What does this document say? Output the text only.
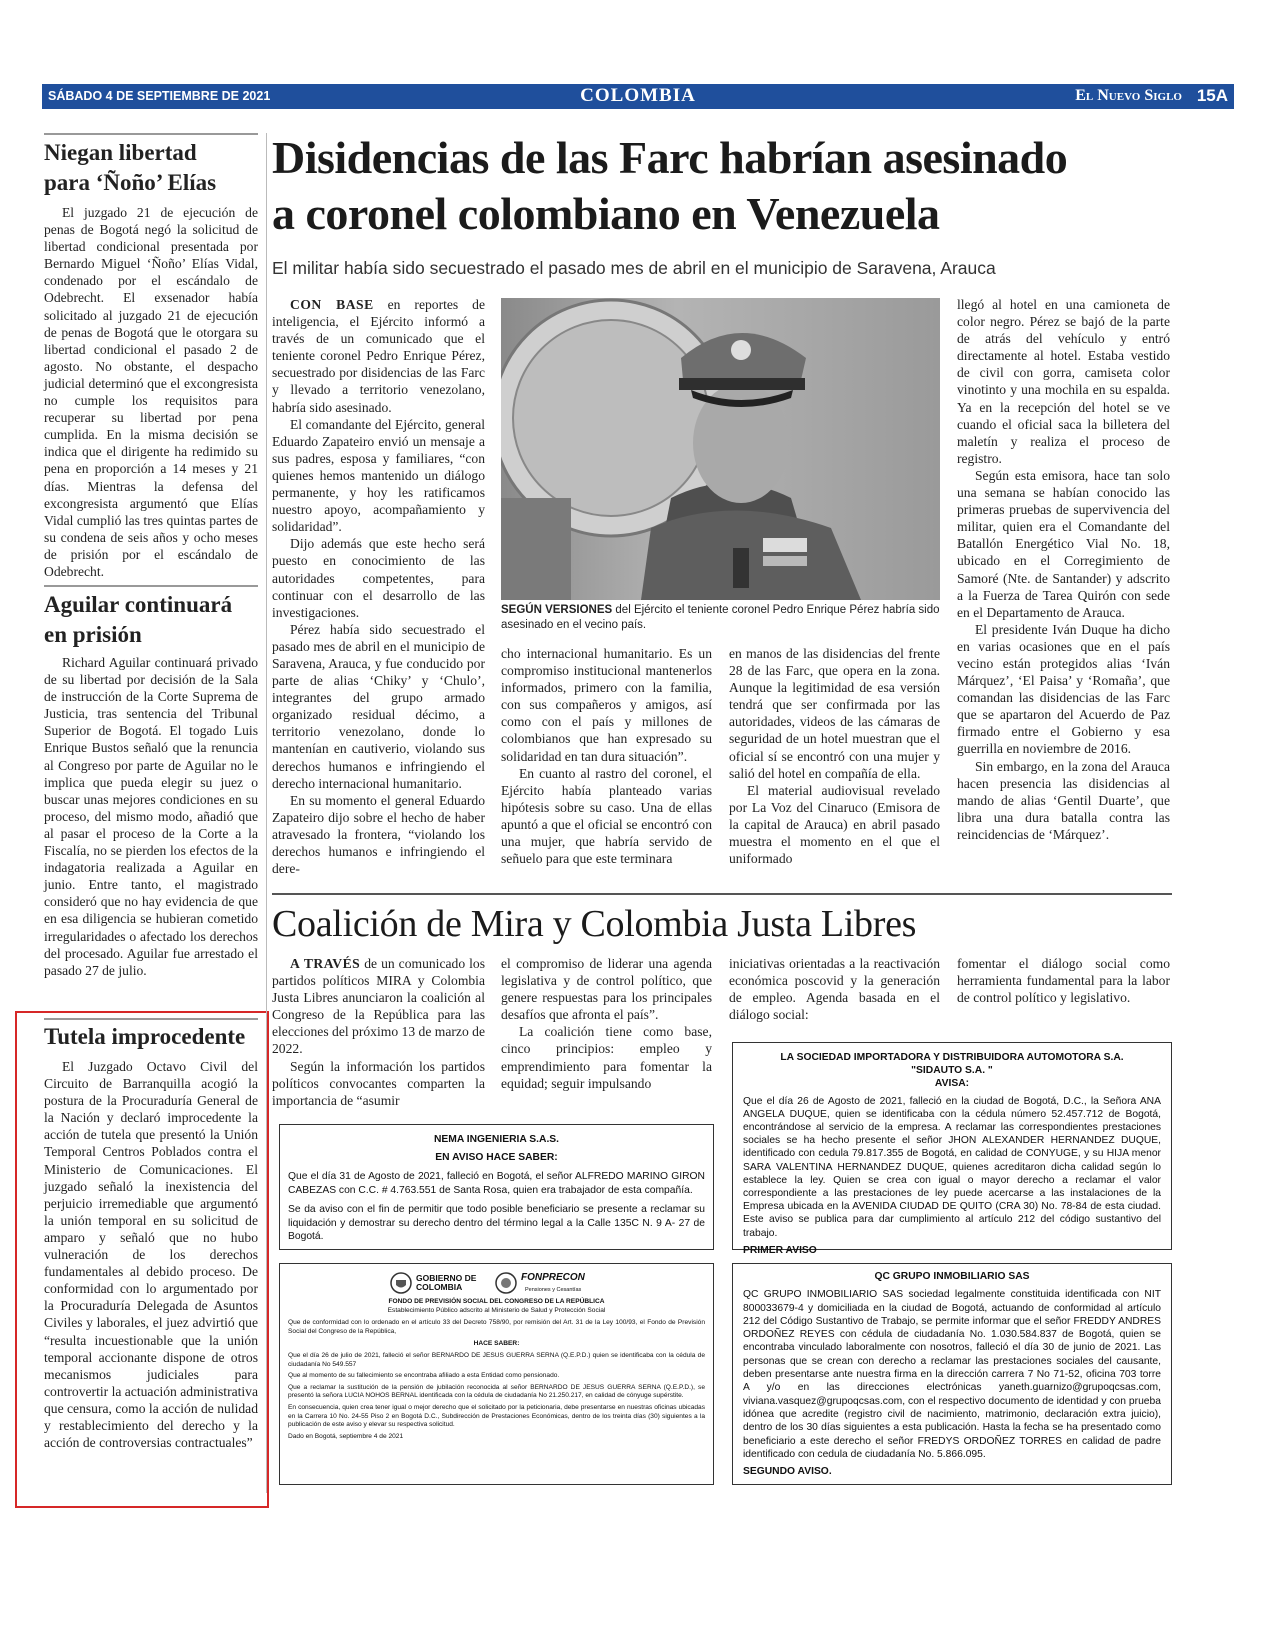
SÁBADO 4 DE SEPTIEMBRE DE 2021	COLOMBIA	El Nuevo Siglo 15A
Niegan libertad
para ‘Ñoño’ Elías

El juzgado 21 de ejecución de penas de Bogotá negó la solicitud de libertad condicional presentada por Bernardo Miguel ‘Ñoño’ Elías Vidal, condenado por el escándalo de Odebrecht. El exsenador había solicitado al juzgado 21 de ejecución de penas de Bogotá que le otorgara su libertad condicional el pasado 2 de agosto. No obstante, el despacho judicial determinó que el excongresista no cumple los requisitos para recuperar su libertad por pena cumplida. En la misma decisión se indica que el dirigente ha redimido su pena en proporción a 14 meses y 21 días. Mientras la defensa del excongresista argumentó que Elías Vidal cumplió las tres quintas partes de su condena de seis años y ocho meses de prisión por el escándalo de Odebrecht.

Aguilar continuará
en prisión

Richard Aguilar continuará privado de su libertad por decisión de la Sala de instrucción de la Corte Suprema de Justicia, tras sentencia del Tribunal Superior de Bogotá. El togado Luis Enrique Bustos señaló que la renuncia al Congreso por parte de Aguilar no le implica que pueda elegir su juez o buscar unas mejores condiciones en su proceso, del mismo modo, añadió que al pasar el proceso de la Corte a la Fiscalía, no se pierden los efectos de la indagatoria realizada a Aguilar en junio. Entre tanto, el magistrado consideró que no hay evidencia de que en esa diligencia se hubieran cometido irregularidades o afectado los derechos del procesado. Aguilar fue arrestado el pasado 27 de julio.

Tutela improcedente

El Juzgado Octavo Civil del Circuito de Barranquilla acogió la postura de la Procuraduría General de la Nación y declaró improcedente la acción de tutela que presentó la Unión Temporal Centros Poblados contra el Ministerio de Comunicaciones. El juzgado señaló la inexistencia del perjuicio irremediable que argumentó la unión temporal en su solicitud de amparo y señaló que no hubo vulneración de los derechos fundamentales al debido proceso. De conformidad con lo argumentado por la Procuraduría Delegada de Asuntos Civiles y laborales, el juez advirtió que “resulta incuestionable que la unión temporal accionante dispone de otros mecanismos judiciales para controvertir la actuación administrativa que censura, como la acción de nulidad y restablecimiento del derecho y la acción de controversias contractuales”

Disidencias de las Farc habrían asesinado
a coronel colombiano en Venezuela
El militar había sido secuestrado el pasado mes de abril en el municipio de Saravena, Arauca

CON BASE en reportes de inteligencia, el Ejército informó a través de un comunicado que el teniente coronel Pedro Enrique Pérez, secuestrado por disidencias de las Farc y llevado a territorio venezolano, habría sido asesinado.

El comandante del Ejército, general Eduardo Zapateiro envió un mensaje a sus padres, esposa y familiares, “con quienes hemos mantenido un diálogo permanente, y hoy les ratificamos nuestro apoyo, acompañamiento y solidaridad”.

Dijo además que este hecho será puesto en conocimiento de las autoridades competentes, para continuar con el desarrollo de las investigaciones.

Pérez había sido secuestrado el pasado mes de abril en el municipio de Saravena, Arauca, y fue conducido por parte de alias ‘Chiky’ y ‘Chulo’, integrantes del grupo armado organizado residual décimo, a territorio venezolano, donde lo mantenían en cautiverio, violando sus derechos humanos e infringiendo el derecho internacional humanitario.

En su momento el general Eduardo Zapateiro dijo sobre el hecho de haber atravesado la frontera, “violando los derechos humanos e infringiendo el dere-

SEGÚN VERSIONES del Ejército el teniente coronel Pedro Enrique Pérez habría sido asesinado en el vecino país.

cho internacional humanitario. Es un compromiso institucional mantenerlos informados, primero con la familia, con sus compañeros y amigos, así como con el país y millones de colombianos que han expresado su solidaridad en tan dura situación”.

En cuanto al rastro del coronel, el Ejército había planteado varias hipótesis sobre su caso. Una de ellas apuntó a que el oficial se encontró con una mujer, que habría servido de señuelo para que este terminara

en manos de las disidencias del frente 28 de las Farc, que opera en la zona. Aunque la legitimidad de esa versión tendrá que ser confirmada por las autoridades, videos de las cámaras de seguridad de un hotel muestran que el oficial sí se encontró con una mujer y salió del hotel en compañía de ella.

El material audiovisual revelado por La Voz del Cinaruco (Emisora de la capital de Arauca) en abril pasado muestra el momento en el que el uniformado

llegó al hotel en una camioneta de color negro. Pérez se bajó de la parte de atrás del vehículo y entró directamente al hotel. Estaba vestido de civil con gorra, camiseta color vinotinto y una mochila en su espalda. Ya en la recepción del hotel se ve cuando el oficial saca la billetera del maletín y realiza el proceso de registro.

Según esta emisora, hace tan solo una semana se habían conocido las primeras pruebas de supervivencia del militar, quien era el Comandante del Batallón Energético Vial No. 18, ubicado en el Corregimiento de Samoré (Nte. de Santander) y adscrito a la Fuerza de Tarea Quirón con sede en el Departamento de Arauca.

El presidente Iván Duque ha dicho en varias ocasiones que en el país vecino están protegidos alias ‘Iván Márquez’, ‘El Paisa’ y ‘Romaña’, que comandan las disidencias de las Farc que se apartaron del Acuerdo de Paz firmado entre el Gobierno y esa guerrilla en noviembre de 2016.

Sin embargo, en la zona del Arauca hacen presencia las disidencias al mando de alias ‘Gentil Duarte’, que libra una dura batalla contra las reincidencias de ‘Márquez’.

Coalición de Mira y Colombia Justa Libres

A TRAVÉS de un comunicado los partidos políticos MIRA y Colombia Justa Libres anunciaron la coalición al Congreso de la República para las elecciones del próximo 13 de marzo de 2022.

Según la información los partidos políticos convocantes comparten la importancia de “asumir

el compromiso de liderar una agenda legislativa y de control político, que genere respuestas para los principales desafíos que afronta el país”.

La coalición tiene como base, cinco principios: empleo y emprendimiento para fomentar la equidad; seguir impulsando

iniciativas orientadas a la reactivación económica poscovid y la generación de empleo. Agenda basada en el diálogo social:

fomentar el diálogo social como herramienta fundamental para la labor de control político y legislativo.

LA SOCIEDAD IMPORTADORA Y DISTRIBUIDORA AUTOMOTORA S.A.
"SIDAUTO S.A. "
AVISA:

Que el día 26 de Agosto de 2021, falleció en la ciudad de Bogotá, D.C., la Señora ANA ANGELA DUQUE, quien se identificaba con la cédula número 52.457.712 de Bogotá, encontrándose al servicio de la empresa. A reclamar las correspondientes prestaciones sociales se ha hecho presente el señor JHON ALEXANDER HERNANDEZ DUQUE, identificado con cedula 79.817.355 de Bogotá, en calidad de CONYUGE, y su HIJA menor SARA VALENTINA HERNANDEZ DUQUE, quienes acreditaron dicha calidad según lo establece la ley. Quien se crea con igual o mayor derecho a reclamar el valor correspondiente a las prestaciones de ley puede acercarse a las instalaciones de la Empresa ubicada en la AVENIDA CIUDAD DE QUITO (CRA 30) No. 78-84 de esta ciudad. Este aviso se publica para dar cumplimiento al artículo 212 del código sustantivo del trabajo.

PRIMER AVISO
NEMA INGENIERIA S.A.S.
EN AVISO HACE SABER:

Que el día 31 de Agosto de 2021, falleció en Bogotá, el señor ALFREDO MARINO GIRON CABEZAS con C.C. # 4.763.551 de Santa Rosa, quien era trabajador de esta compañía.

Se da aviso con el fin de permitir que todo posible beneficiario se presente a reclamar su liquidación y demostrar su derecho dentro del término legal a la Calle 135C N. 9 A- 27 de Bogotá.

GOBIERNO DE COLOMBIA
FONPRECON
Pensiones y Cesantías
FONDO DE PREVISIÓN SOCIAL DEL CONGRESO DE LA REPÚBLICA
Establecimiento Público adscrito al Ministerio de Salud y Protección Social

Que de conformidad con lo ordenado en el artículo 33 del Decreto 758/90, por remisión del Art. 31 de la Ley 100/93, el Fondo de Previsión Social del Congreso de la República,

HACE SABER:

Que el día 26 de julio de 2021, falleció el señor BERNARDO DE JESUS GUERRA SERNA (Q.E.P.D.) quien se identificaba con la cédula de ciudadanía No 549.557

Que al momento de su fallecimiento se encontraba afiliado a esta Entidad como pensionado.

Que a reclamar la sustitución de la pensión de jubilación reconocida al señor BERNARDO DE JESUS GUERRA SERNA (Q.E.P.D.), se presentó la señora LUCIA NOHOS BERNAL identificada con la cédula de ciudadanía No 21.250.217, en calidad de cónyuge supérstite.

En consecuencia, quien crea tener igual o mejor derecho que el solicitado por la peticionaria, debe presentarse en nuestras oficinas ubicadas en la Carrera 10 No. 24-55 Piso 2 en Bogotá D.C., Subdirección de Prestaciones Económicas, dentro de los treinta días (30) siguientes a la publicación de este aviso y elevar su respectiva solicitud.

Dado en Bogotá, septiembre 4 de 2021

QC GRUPO INMOBILIARIO SAS

QC GRUPO INMOBILIARIO SAS sociedad legalmente constituida identificada con NIT 800033679-4 y domiciliada en la ciudad de Bogotá, actuando de conformidad al artículo 212 del Código Sustantivo de Trabajo, se permite informar que el señor FREDDY ANDRES ORDOÑEZ REYES con cédula de ciudadanía No. 1.030.584.837 de Bogotá, quien se encontraba vinculado laboralmente con nosotros, falleció el día 30 de junio de 2021. Las personas que se crean con derecho a reclamar las prestaciones sociales del causante, deben presentarse ante nuestra firma en la dirección carrera 7 No 71-52, oficina 703 torre A y/o en las direcciones electrónicas yaneth.guarnizo@grupoqcsas.com, viviana.vasquez@grupoqcsas.com, con el respectivo documento de identidad y con prueba idónea que acredite (registro civil de nacimiento, matrimonio, declaración extra juicio), dentro de los 30 días siguientes a esta publicación. Hasta la fecha se ha presentado como beneficiario a este derecho el señor FREDYS ORDOÑEZ TORRES en calidad de padre identificado con cedula de ciudadanía No. 5.866.095.

SEGUNDO AVISO.
